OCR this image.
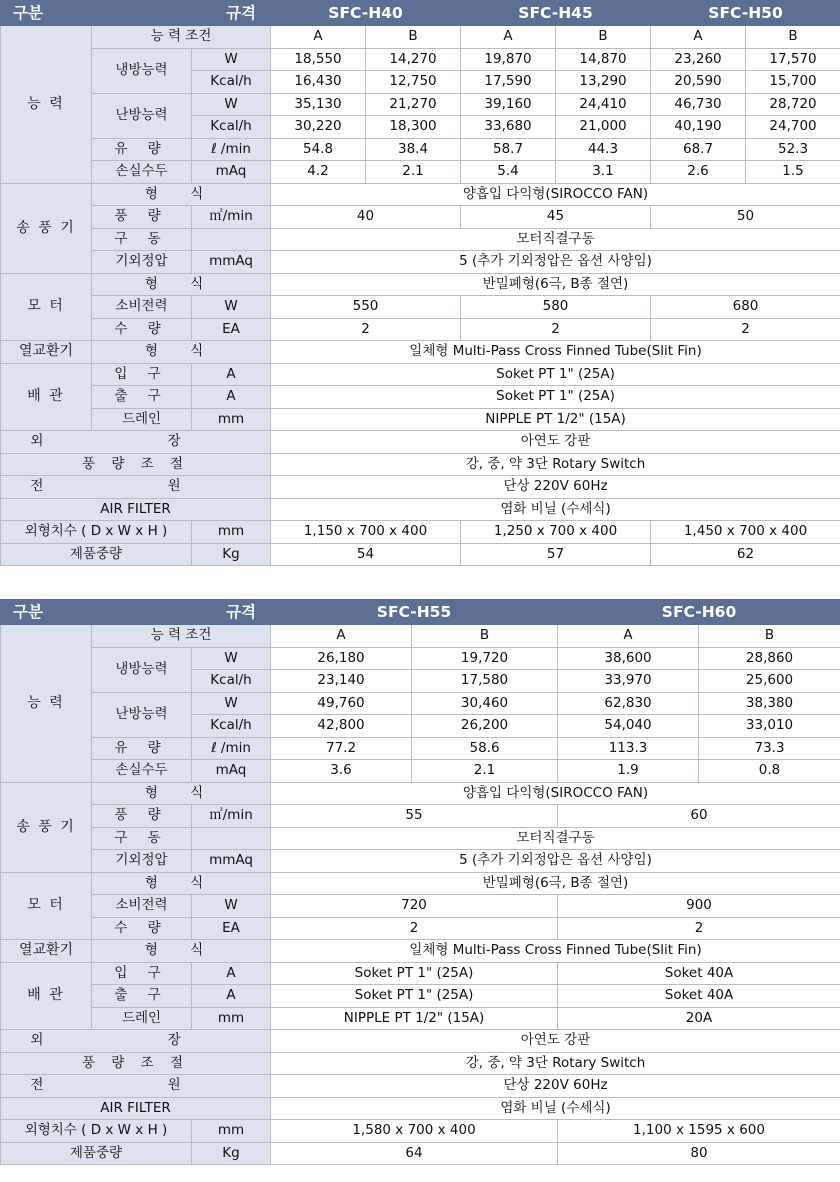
구분	규격		SFC-H40		SFC-H45		SFC-H50	
능 력	능 력 조건		A	B	A	B	A	B
	냉방능력	W	18,550	14,270	19,870	14,870	23,260	17,570
		Kcal/h	16,430	12,750	17,590	13,290	20,590	15,700
	난방능력	W	35,130	21,270	39,160	24,410	46,730	28,720
		Kcal/h	30,220	18,300	33,680	21,000	40,190	24,700
	유 량	ℓ /min	54.8	38.4	58.7	44.3	68.7	52.3
	손실수두	mAq	4.2	2.1	5.4	3.1	2.6	1.5
송 풍 기	형 식		양흡입 다익형(SIROCCO FAN)					
	풍 량	㎥/min	40		45		50	
	구 동		모터직결구동					
	기외정압	mmAq	5 (추가 기외정압은 옵션 사양임)					
모 터	형 식		반밀폐형(6극, B종 절연)					
	소비전력	W	550		580		680	
	수 량	EA	2		2		2	
열교환기	형 식		일체형 Multi-Pass Cross Finned Tube(Slit Fin)					
배 관	입 구	A	Soket PT 1" (25A)					
	출 구	A	Soket PT 1" (25A)					
	드레인	mm	NIPPLE PT 1/2" (15A)					
외 장			아연도 강판					
풍 량 조 절			강, 중, 약 3단 Rotary Switch					
전 원			단상 220V 60Hz					
AIR FILTER			염화 비닐 (수세식)					
외형치수 ( D x W x H )		mm	1,150 x 700 x 400		1,250 x 700 x 400		1,450 x 700 x 400	
제품중량		Kg	54		57		62	
구분	규격		SFC-H55		SFC-H60	
능 력	능 력 조건		A	B	A	B
	냉방능력	W	26,180	19,720	38,600	28,860
		Kcal/h	23,140	17,580	33,970	25,600
	난방능력	W	49,760	30,460	62,830	38,380
		Kcal/h	42,800	26,200	54,040	33,010
	유 량	ℓ /min	77.2	58.6	113.3	73.3
	손실수두	mAq	3.6	2.1	1.9	0.8
송 풍 기	형 식		양흡입 다익형(SIROCCO FAN)			
	풍 량	㎥/min	55		60	
	구 동		모터직결구동			
	기외정압	mmAq	5 (추가 기외정압은 옵션 사양임)			
모 터	형 식		반밀폐형(6극, B종 절연)			
	소비전력	W	720		900	
	수 량	EA	2		2	
열교환기	형 식		일체형 Multi-Pass Cross Finned Tube(Slit Fin)			
배 관	입 구	A	Soket PT 1" (25A)		Soket 40A	
	출 구	A	Soket PT 1" (25A)		Soket 40A	
	드레인	mm	NIPPLE PT 1/2" (15A)		20A	
외 장			아연도 강판			
풍 량 조 절			강, 중, 약 3단 Rotary Switch			
전 원			단상 220V 60Hz			
AIR FILTER			염화 비닐 (수세식)			
외형치수 ( D x W x H )		mm	1,580 x 700 x 400		1,100 x 1595 x 600	
제품중량		Kg	64		80	
